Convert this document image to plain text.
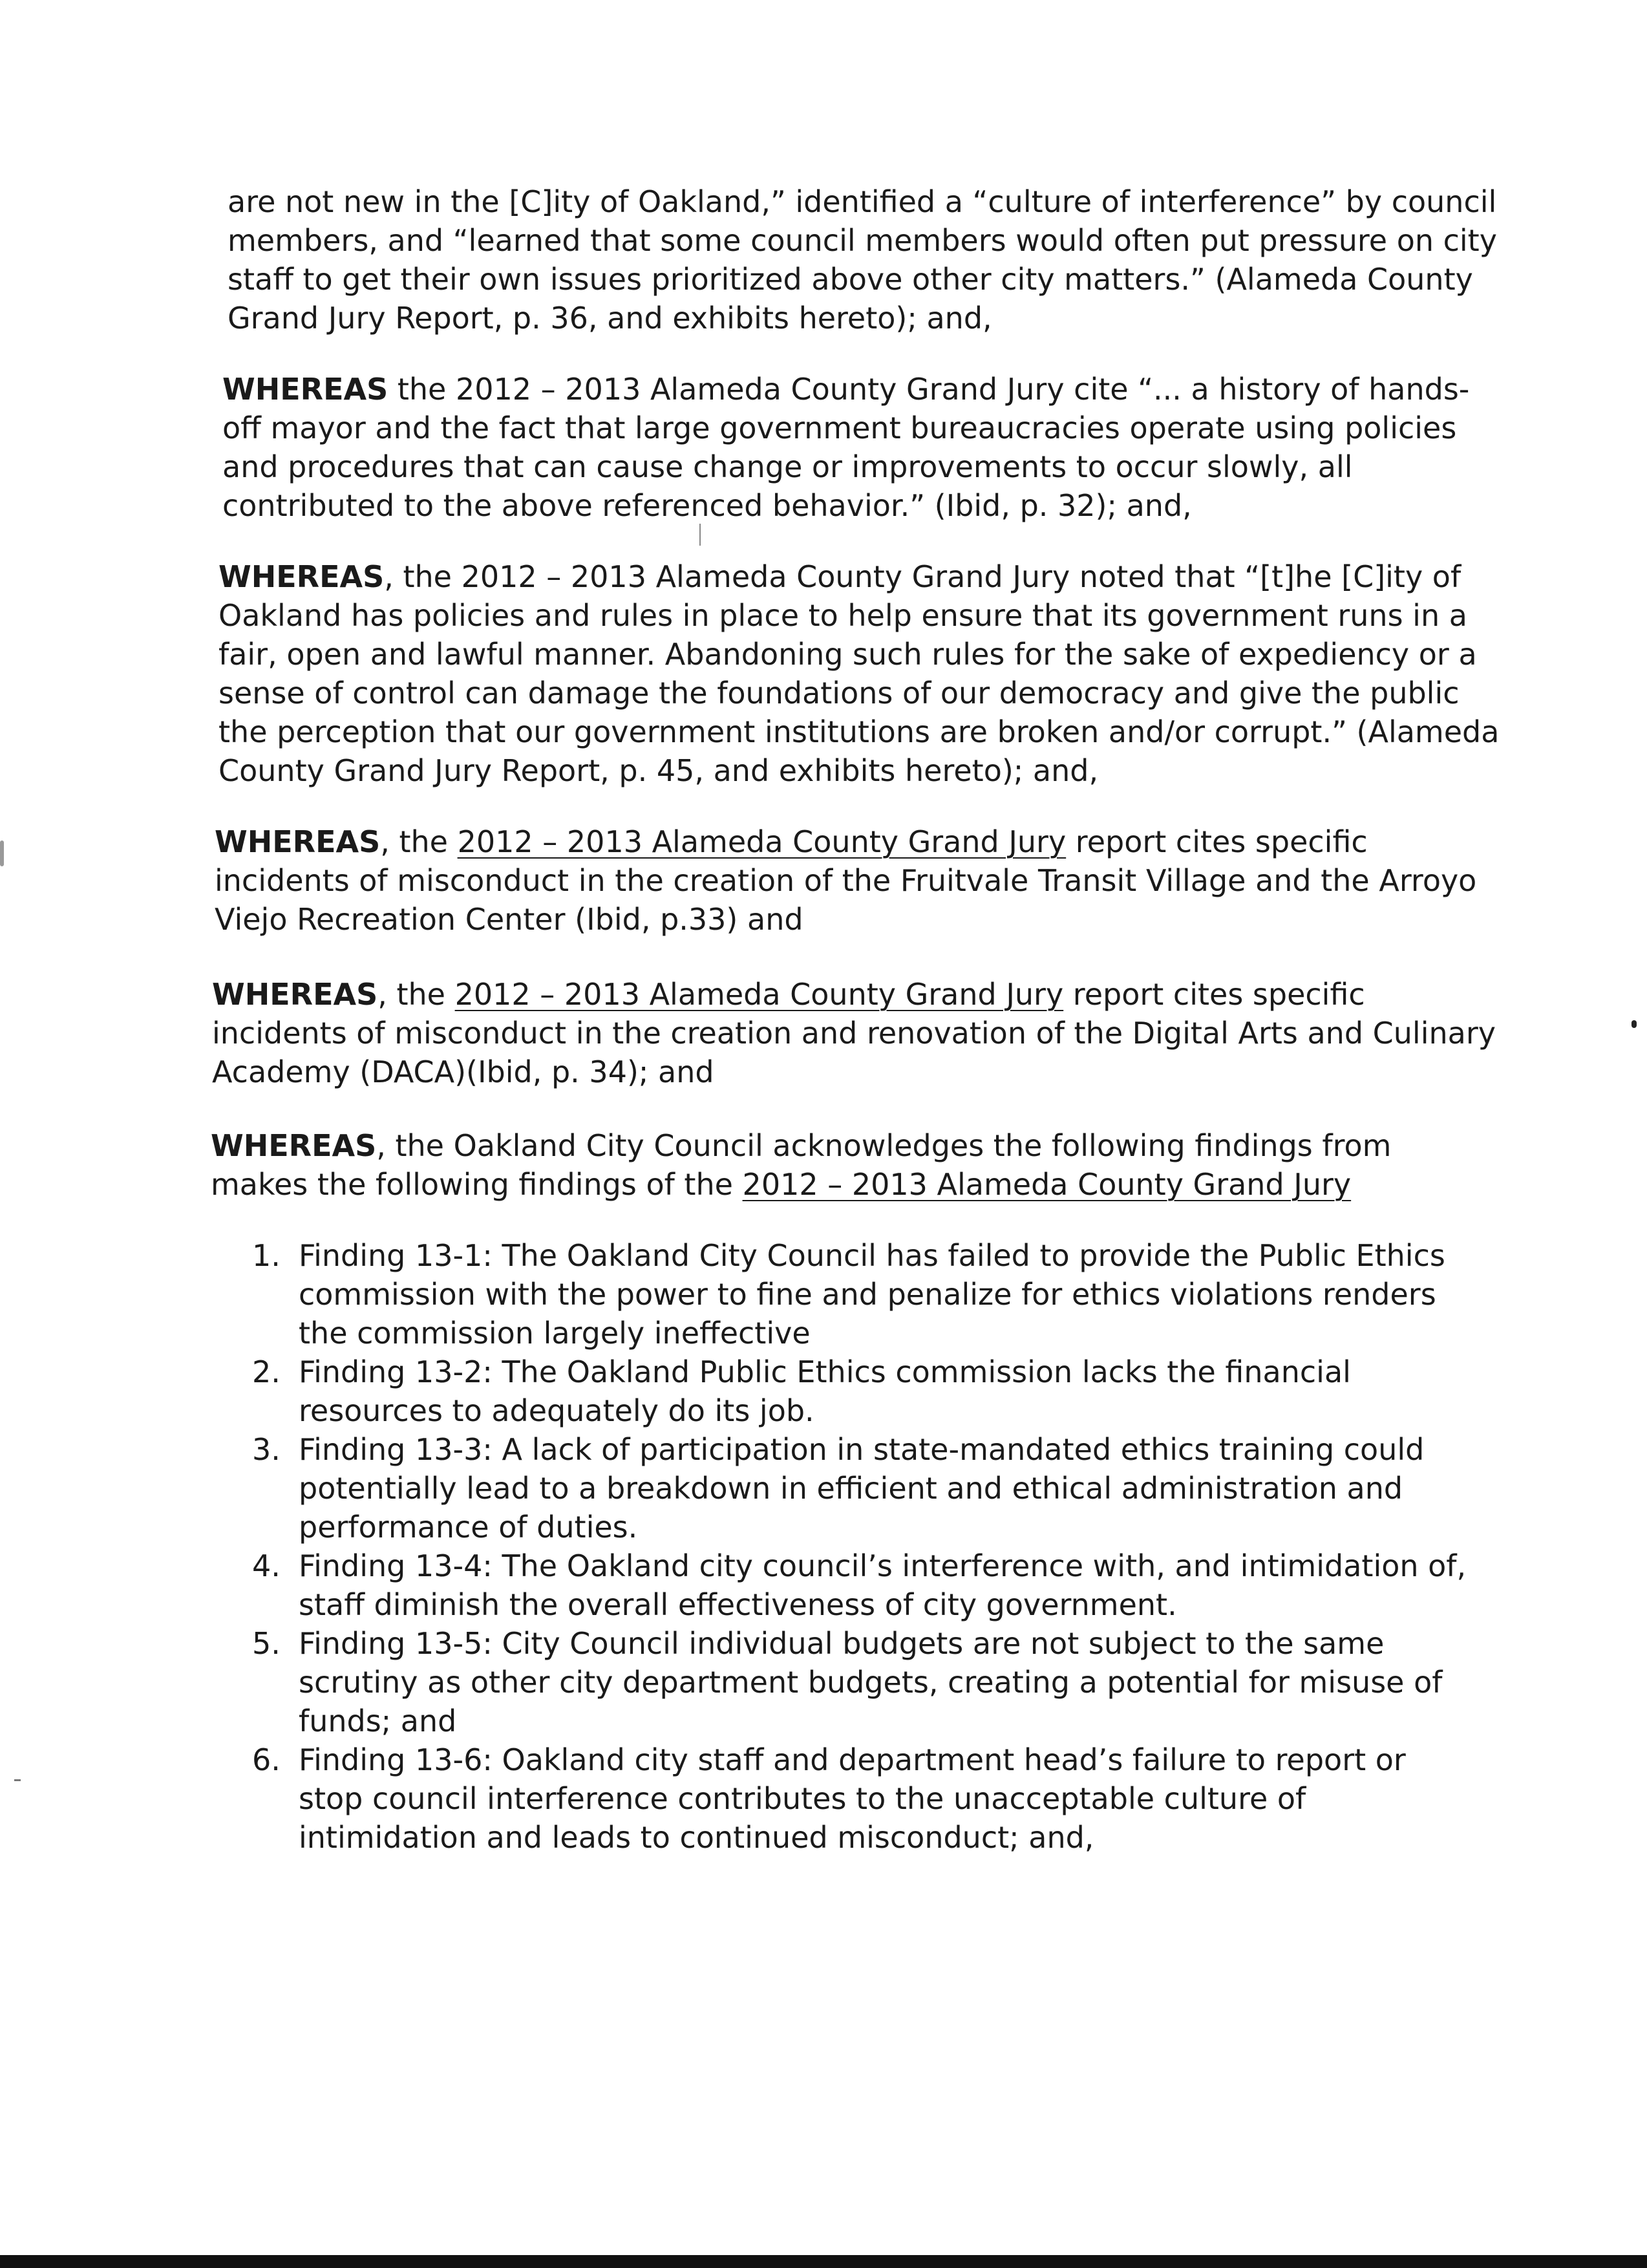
are not new in the [C]ity of Oakland,” identified a “culture of interference” by council
members, and “learned that some council members would often put pressure on city
staff to get their own issues prioritized above other city matters.” (Alameda County
Grand Jury Report, p. 36, and exhibits hereto); and,
WHEREAS the 2012 – 2013 Alameda County Grand Jury cite “... a history of hands-
off mayor and the fact that large government bureaucracies operate using policies
and procedures that can cause change or improvements to occur slowly, all
contributed to the above referenced behavior.” (Ibid, p. 32); and,
WHEREAS, the 2012 – 2013 Alameda County Grand Jury noted that “[t]he [C]ity of
Oakland has policies and rules in place to help ensure that its government runs in a
fair, open and lawful manner. Abandoning such rules for the sake of expediency or a
sense of control can damage the foundations of our democracy and give the public
the perception that our government institutions are broken and/or corrupt.” (Alameda
County Grand Jury Report, p. 45, and exhibits hereto); and,
WHEREAS, the 2012 – 2013 Alameda County Grand Jury report cites specific
incidents of misconduct in the creation of the Fruitvale Transit Village and the Arroyo
Viejo Recreation Center (Ibid, p.33) and
WHEREAS, the 2012 – 2013 Alameda County Grand Jury report cites specific
incidents of misconduct in the creation and renovation of the Digital Arts and Culinary
Academy (DACA)(Ibid, p. 34); and
WHEREAS, the Oakland City Council acknowledges the following findings from
makes the following findings of the 2012 – 2013 Alameda County Grand Jury
1. Finding 13-1: The Oakland City Council has failed to provide the Public Ethics
commission with the power to fine and penalize for ethics violations renders
the commission largely ineffective
2. Finding 13-2: The Oakland Public Ethics commission lacks the financial
resources to adequately do its job.
3. Finding 13-3: A lack of participation in state-mandated ethics training could
potentially lead to a breakdown in efficient and ethical administration and
performance of duties.
4. Finding 13-4: The Oakland city council’s interference with, and intimidation of,
staff diminish the overall effectiveness of city government.
5. Finding 13-5: City Council individual budgets are not subject to the same
scrutiny as other city department budgets, creating a potential for misuse of
funds; and
6. Finding 13-6: Oakland city staff and department head’s failure to report or
stop council interference contributes to the unacceptable culture of
intimidation and leads to continued misconduct; and,
